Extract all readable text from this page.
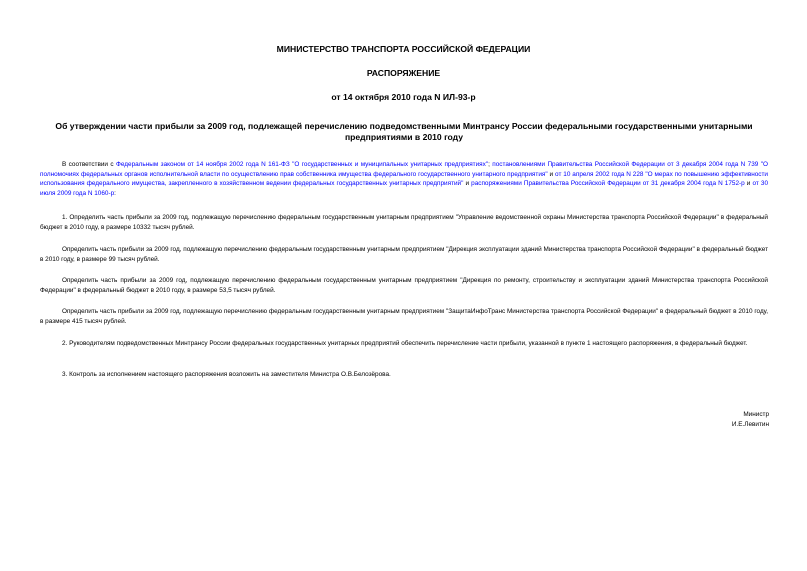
МИНИСТЕРСТВО ТРАНСПОРТА РОССИЙСКОЙ ФЕДЕРАЦИИ
РАСПОРЯЖЕНИЕ
от 14 октября 2010 года N ИЛ-93-р
Об утверждении части прибыли за 2009 год, подлежащей перечислению подведомственными Минтрансу России федеральными государственными унитарными предприятиями в 2010 году

В соответствии с Федеральным законом от 14 ноября 2002 года N 161-ФЗ "О государственных и муниципальных унитарных предприятиях"; постановлениями Правительства Российской Федерации от 3 декабря 2004 года N 739 "О полномочиях федеральных органов исполнительной власти по осуществлению прав собственника имущества федерального государственного унитарного предприятия" и от 10 апреля 2002 года N 228 "О мерах по повышению эффективности использования федерального имущества, закрепленного в хозяйственном ведении федеральных государственных унитарных предприятий" и распоряжениями Правительства Российской Федерации от 31 декабря 2004 года N 1752-р и от 30 июля 2009 года N 1060-р:

1. Определить часть прибыли за 2009 год, подлежащую перечислению федеральным государственным унитарным предприятием "Управление ведомственной охраны Министерства транспорта Российской Федерации" в федеральный бюджет в 2010 году, в размере 10332 тысяч рублей.

Определить часть прибыли за 2009 год, подлежащую перечислению федеральным государственным унитарным предприятием "Дирекция эксплуатации зданий Министерства транспорта Российской Федерации" в федеральный бюджет в 2010 году, в размере 99 тысяч рублей.

Определить часть прибыли за 2009 год, подлежащую перечислению федеральным государственным унитарным предприятием "Дирекция по ремонту, строительству и эксплуатации зданий Министерства транспорта Российской Федерации" в федеральный бюджет в 2010 году, в размере 53,5 тысяч рублей.

Определить часть прибыли за 2009 год, подлежащую перечислению федеральным государственным унитарным предприятием "ЗащитаИнфоТранс Министерства транспорта Российской Федерации" в федеральный бюджет в 2010 году, в размере 415 тысяч рублей.

2. Руководителям подведомственных Минтрансу России федеральных государственных унитарных предприятий обеспечить перечисление части прибыли, указанной в пункте 1 настоящего распоряжения, в федеральный бюджет.

3. Контроль за исполнением настоящего распоряжения возложить на заместителя Министра О.В.Белозёрова.

Министр
И.Е.Левитин
